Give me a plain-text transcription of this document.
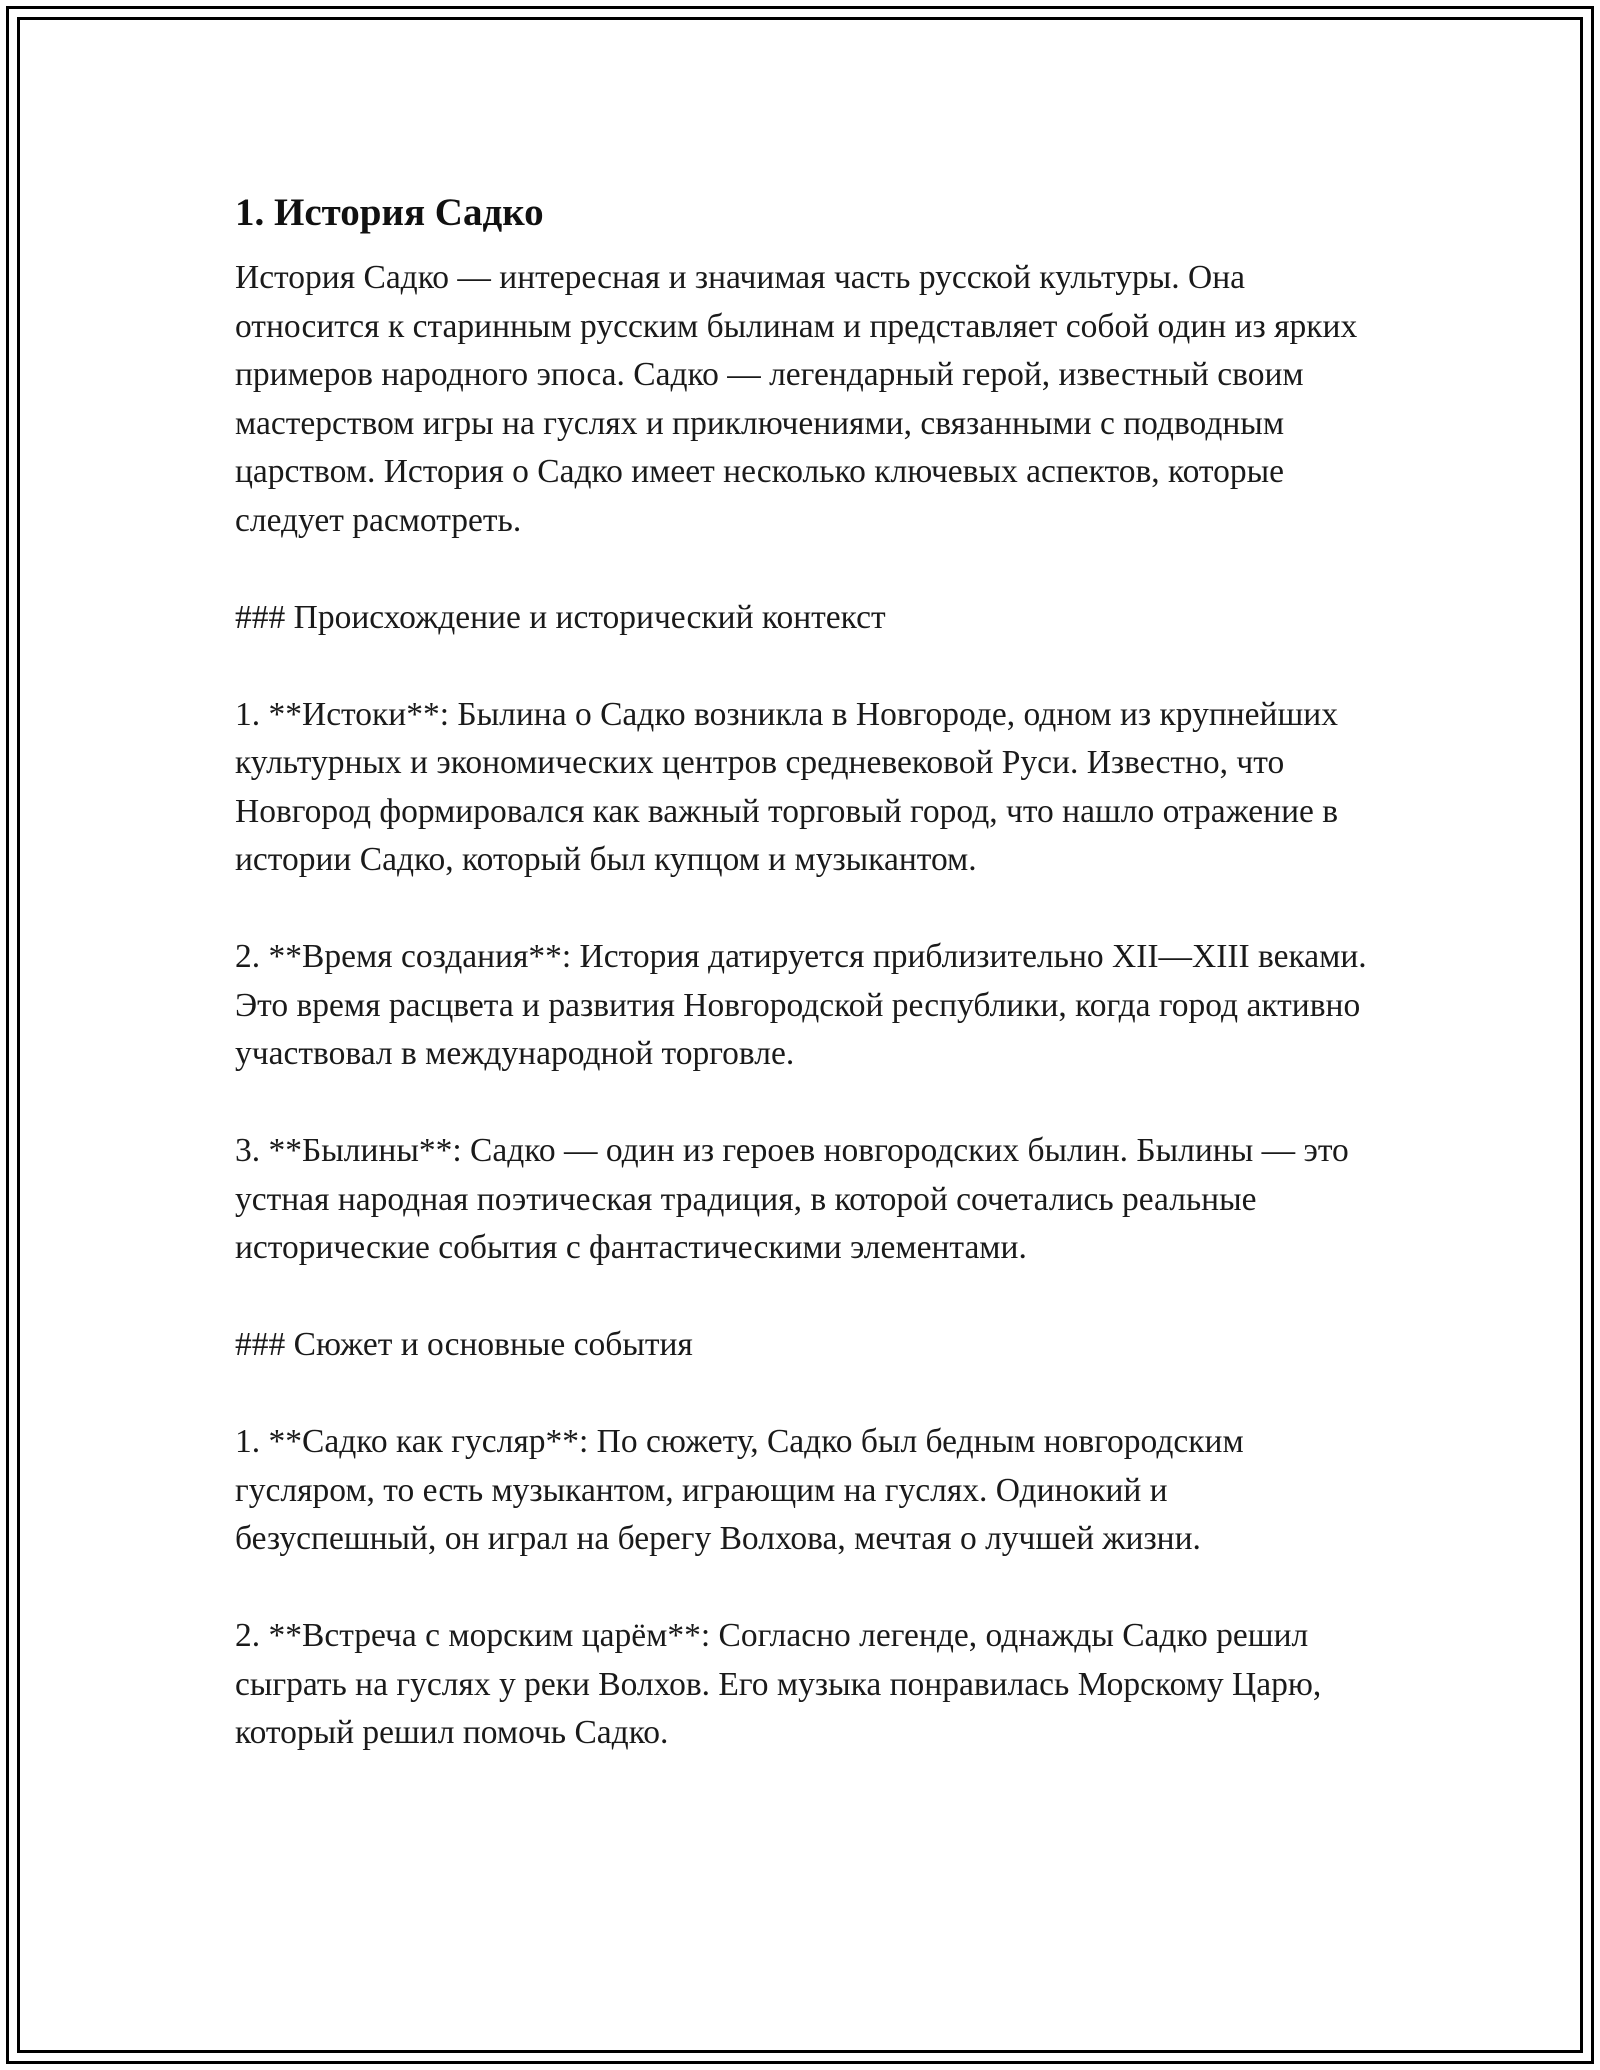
1. История Садко

История Садко — интересная и значимая часть русской культуры. Она относится к старинным русским былинам и представляет собой один из ярких примеров народного эпоса. Садко — легендарный герой, известный своим мастерством игры на гуслях и приключениями, связанными с подводным царством. История о Садко имеет несколько ключевых аспектов, которые следует расмотреть.

### Происхождение и исторический контекст

1. **Истоки**: Былина о Садко возникла в Новгороде, одном из крупнейших культурных и экономических центров средневековой Руси. Известно, что Новгород формировался как важный торговый город, что нашло отражение в истории Садко, который был купцом и музыкантом.

2. **Время создания**: История датируется приблизительно XII—XIII веками. Это время расцвета и развития Новгородской республики, когда город активно участвовал в международной торговле.

3. **Былины**: Садко — один из героев новгородских былин. Былины — это устная народная поэтическая традиция, в которой сочетались реальные исторические события с фантастическими элементами.

### Сюжет и основные события

1. **Садко как гусляр**: По сюжету, Садко был бедным новгородским гусляром, то есть музыкантом, играющим на гуслях. Одинокий и безуспешный, он играл на берегу Волхова, мечтая о лучшей жизни.

2. **Встреча с морским царём**: Согласно легенде, однажды Садко решил сыграть на гуслях у реки Волхов. Его музыка понравилась Морскому Царю, который решил помочь Садко.
